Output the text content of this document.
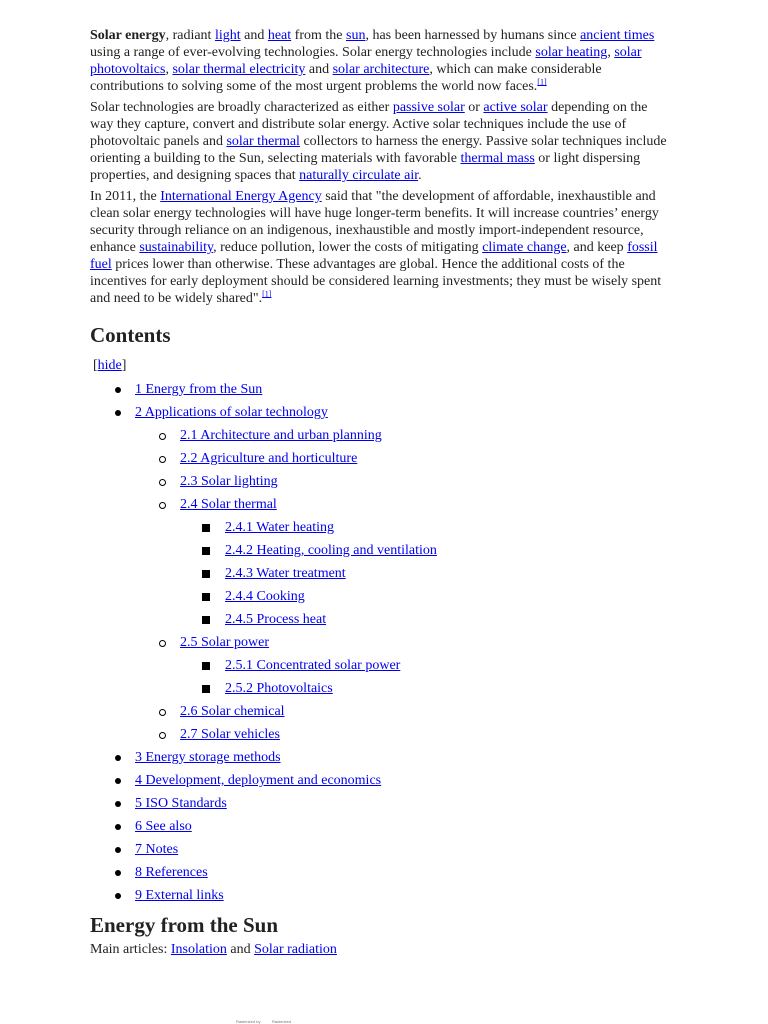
Solar energy, radiant light and heat from the sun, has been harnessed by humans since ancient times using a range of ever-evolving technologies. Solar energy technologies include solar heating, solar photovoltaics, solar thermal electricity and solar architecture, which can make considerable contributions to solving some of the most urgent problems the world now faces.[1]

Solar technologies are broadly characterized as either passive solar or active solar depending on the way they capture, convert and distribute solar energy. Active solar techniques include the use of photovoltaic panels and solar thermal collectors to harness the energy. Passive solar techniques include orienting a building to the Sun, selecting materials with favorable thermal mass or light dispersing properties, and designing spaces that naturally circulate air.

In 2011, the International Energy Agency said that "the development of affordable, inexhaustible and clean solar energy technologies will have huge longer-term benefits. It will increase countries’ energy security through reliance on an indigenous, inexhaustible and mostly import-independent resource, enhance sustainability, reduce pollution, lower the costs of mitigating climate change, and keep fossil fuel prices lower than otherwise. These advantages are global. Hence the additional costs of the incentives for early deployment should be considered learning investments; they must be wisely spent and need to be widely shared".[1]

Contents
[hide]
1 Energy from the Sun
2 Applications of solar technology
2.1 Architecture and urban planning
2.2 Agriculture and horticulture
2.3 Solar lighting
2.4 Solar thermal
2.4.1 Water heating
2.4.2 Heating, cooling and ventilation
2.4.3 Water treatment
2.4.4 Cooking
2.4.5 Process heat
2.5 Solar power
2.5.1 Concentrated solar power
2.5.2 Photovoltaics
2.6 Solar chemical
2.7 Solar vehicles
3 Energy storage methods
4 Development, deployment and economics
5 ISO Standards
6 See also
7 Notes
8 References
9 External links
Energy from the Sun
Main articles: Insolation and Solar radiation
Rasterized by	Rasterized
